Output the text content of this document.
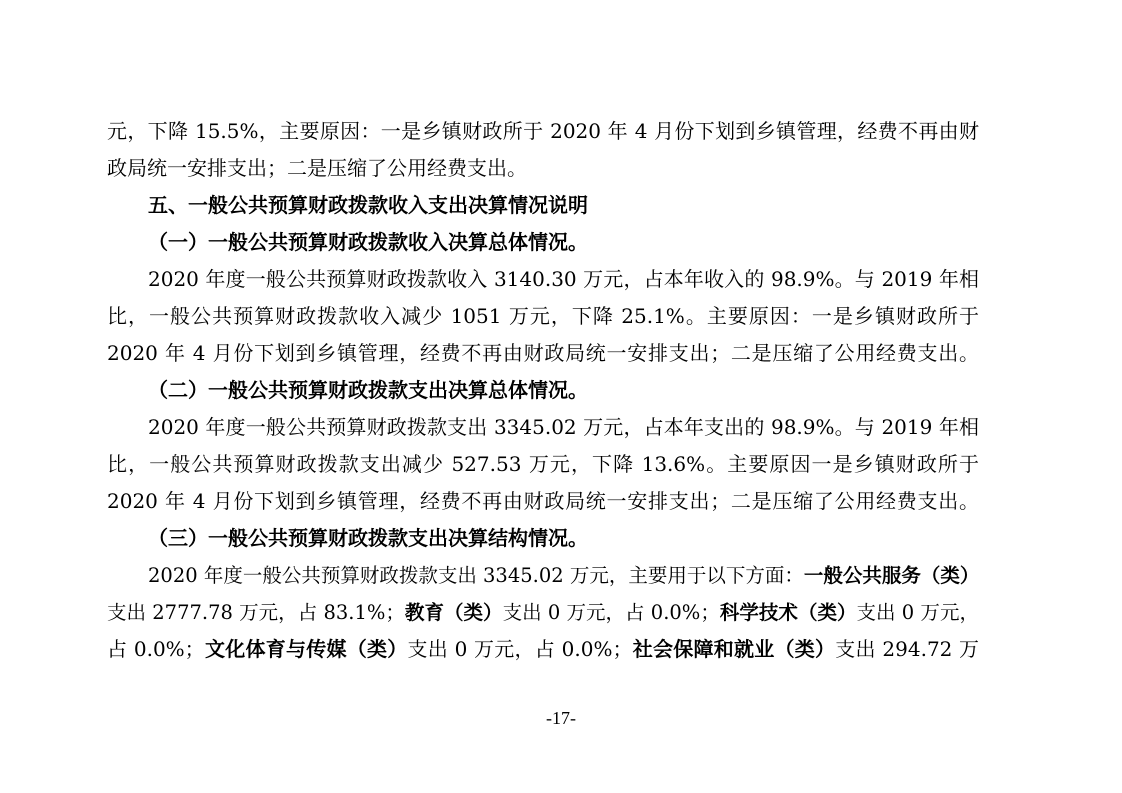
元，下降 15.5%，主要原因：一是乡镇财政所于 2020 年 4 月份下划到乡镇管理，经费不再由财
政局统一安排支出；二是压缩了公用经费支出。
五、一般公共预算财政拨款收入支出决算情况说明
（一）一般公共预算财政拨款收入决算总体情况。
2020 年度一般公共预算财政拨款收入 3140.30 万元，占本年收入的 98.9%。与 2019 年相
比，一般公共预算财政拨款收入减少 1051 万元，下降 25.1%。主要原因：一是乡镇财政所于
2020 年 4 月份下划到乡镇管理，经费不再由财政局统一安排支出；二是压缩了公用经费支出。
（二）一般公共预算财政拨款支出决算总体情况。
2020 年度一般公共预算财政拨款支出 3345.02 万元，占本年支出的 98.9%。与 2019 年相
比，一般公共预算财政拨款支出减少 527.53 万元，下降 13.6%。主要原因一是乡镇财政所于
2020 年 4 月份下划到乡镇管理，经费不再由财政局统一安排支出；二是压缩了公用经费支出。
（三）一般公共预算财政拨款支出决算结构情况。
2020 年度一般公共预算财政拨款支出 3345.02 万元，主要用于以下方面：一般公共服务（类）
支出 2777.78 万元，占 83.1%；教育（类）支出 0 万元，占 0.0%；科学技术（类）支出 0 万元，
占 0.0%；文化体育与传媒（类）支出 0 万元，占 0.0%；社会保障和就业（类）支出 294.72 万
-17-
